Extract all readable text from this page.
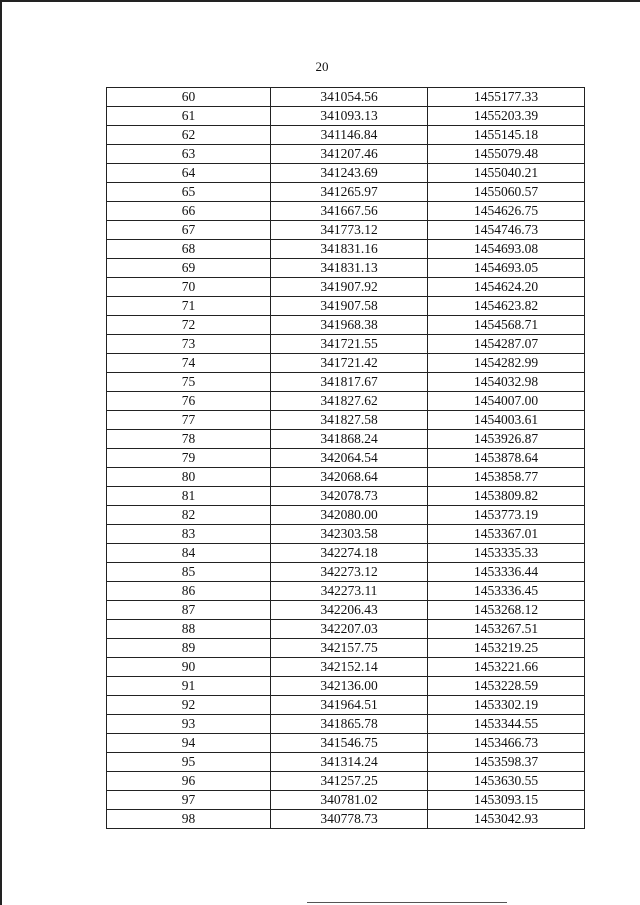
20
60	341054.56	1455177.33
61	341093.13	1455203.39
62	341146.84	1455145.18
63	341207.46	1455079.48
64	341243.69	1455040.21
65	341265.97	1455060.57
66	341667.56	1454626.75
67	341773.12	1454746.73
68	341831.16	1454693.08
69	341831.13	1454693.05
70	341907.92	1454624.20
71	341907.58	1454623.82
72	341968.38	1454568.71
73	341721.55	1454287.07
74	341721.42	1454282.99
75	341817.67	1454032.98
76	341827.62	1454007.00
77	341827.58	1454003.61
78	341868.24	1453926.87
79	342064.54	1453878.64
80	342068.64	1453858.77
81	342078.73	1453809.82
82	342080.00	1453773.19
83	342303.58	1453367.01
84	342274.18	1453335.33
85	342273.12	1453336.44
86	342273.11	1453336.45
87	342206.43	1453268.12
88	342207.03	1453267.51
89	342157.75	1453219.25
90	342152.14	1453221.66
91	342136.00	1453228.59
92	341964.51	1453302.19
93	341865.78	1453344.55
94	341546.75	1453466.73
95	341314.24	1453598.37
96	341257.25	1453630.55
97	340781.02	1453093.15
98	340778.73	1453042.93
